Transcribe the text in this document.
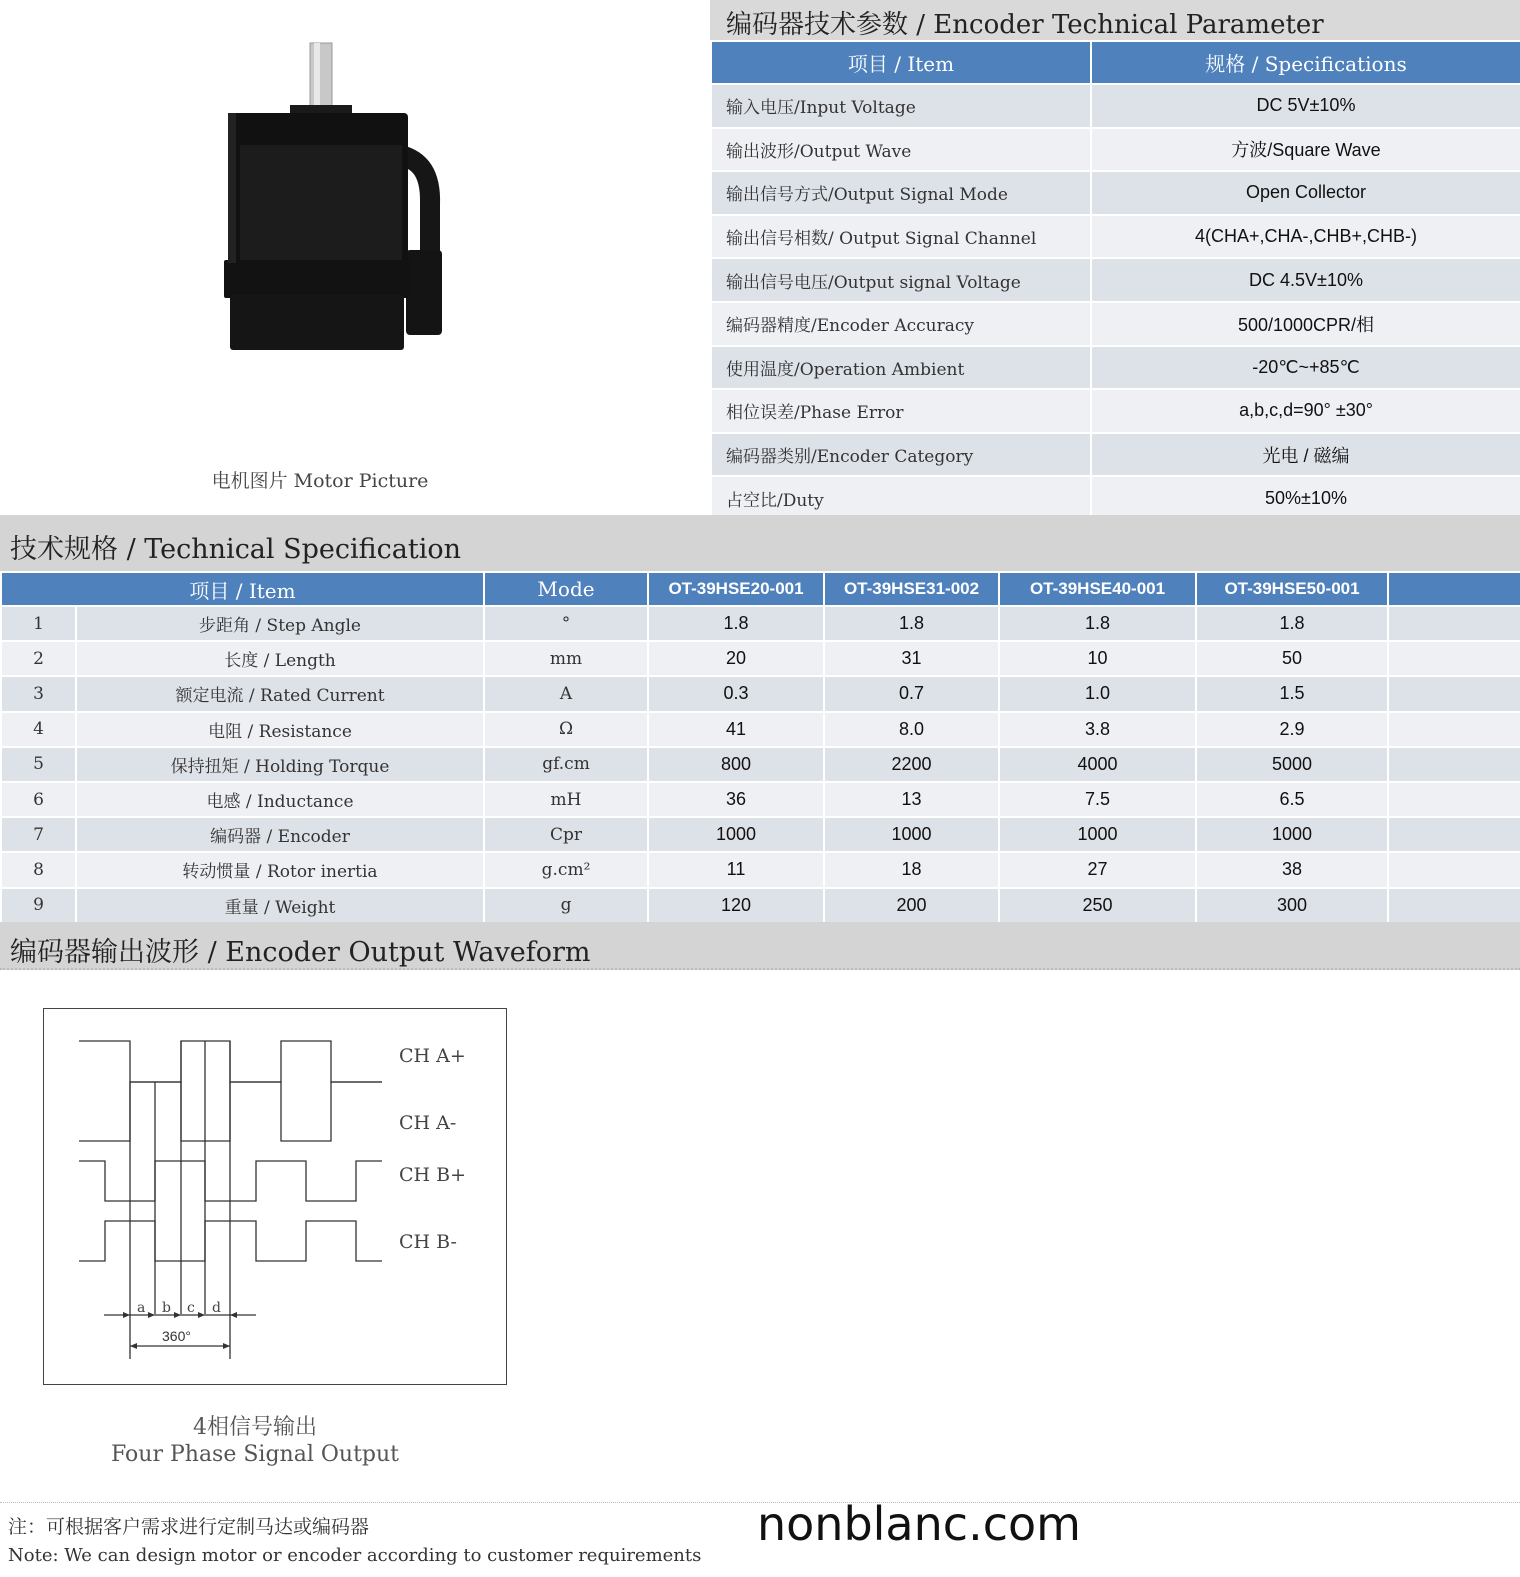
电机图片 Motor Picture
编码器技术参数 / Encoder Technical Parameter
项目 / Item	规格 / Specifications
输入电压/Input Voltage	DC 5V±10%
输出波形/Output Wave	方波/Square Wave
输出信号方式/Output Signal Mode	Open Collector
输出信号相数/ Output Signal Channel	4(CHA+,CHA-,CHB+,CHB-)
输出信号电压/Output signal Voltage	DC 4.5V±10%
编码器精度/Encoder Accuracy	500/1000CPR/相
使用温度/Operation Ambient	-20℃~+85℃
相位误差/Phase Error	a,b,c,d=90° ±30°
编码器类别/Encoder Category	光电 / 磁编
占空比/Duty	50%±10%
技术规格 / Technical Specification
项目 / Item		Mode	OT-39HSE20-001	OT-39HSE31-002	OT-39HSE40-001	OT-39HSE50-001	
1	步距角 / Step Angle	°	1.8	1.8	1.8	1.8	
2	长度 / Length	mm	20	31	10	50	
3	额定电流 / Rated Current	A	0.3	0.7	1.0	1.5	
4	电阻 / Resistance	Ω	41	8.0	3.8	2.9	
5	保持扭矩 / Holding Torque	gf.cm	800	2200	4000	5000	
6	电感 / Inductance	mH	36	13	7.5	6.5	
7	编码器 / Encoder	Cpr	1000	1000	1000	1000	
8	转动惯量 / Rotor inertia	g.cm²	11	18	27	38	
9	重量 / Weight	g	120	200	250	300	
编码器输出波形 / Encoder Output Waveform
CH A+
CH A-
CH B+
CH B-
a b c d
360°
4相信号输出
Four Phase Signal Output
注：可根据客户需求进行定制马达或编码器
Note: We can design motor or encoder according to customer requirements
nonblanc.com
